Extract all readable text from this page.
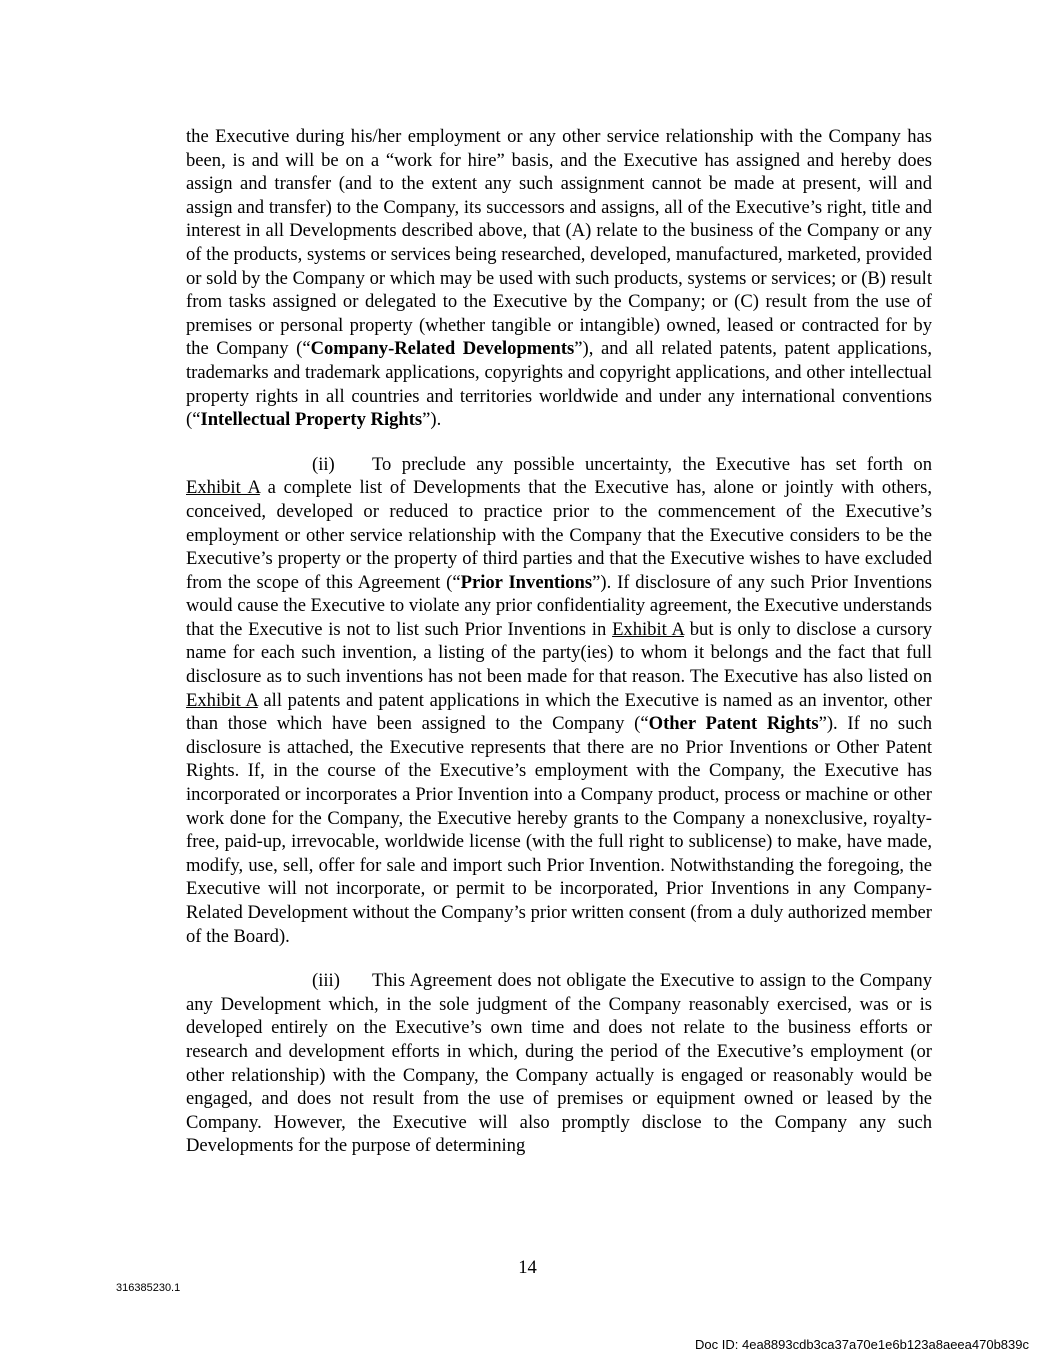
the Executive during his/her employment or any other service relationship with the Company has been, is and will be on a “work for hire” basis, and the Executive has assigned and hereby does assign and transfer (and to the extent any such assignment cannot be made at present, will and assign and transfer) to the Company, its successors and assigns, all of the Executive’s right, title and interest in all Developments described above, that (A) relate to the business of the Company or any of the products, systems or services being researched, developed, manufactured, marketed, provided or sold by the Company or which may be used with such products, systems or services; or (B) result from tasks assigned or delegated to the Executive by the Company; or (C) result from the use of premises or personal property (whether tangible or intangible) owned, leased or contracted for by the Company (“Company-Related Developments”), and all related patents, patent applications, trademarks and trademark applications, copyrights and copyright applications, and other intellectual property rights in all countries and territories worldwide and under any international conventions (“Intellectual Property Rights”).

(ii) To preclude any possible uncertainty, the Executive has set forth on Exhibit A a complete list of Developments that the Executive has, alone or jointly with others, conceived, developed or reduced to practice prior to the commencement of the Executive’s employment or other service relationship with the Company that the Executive considers to be the Executive’s property or the property of third parties and that the Executive wishes to have excluded from the scope of this Agreement (“Prior Inventions”). If disclosure of any such Prior Inventions would cause the Executive to violate any prior confidentiality agreement, the Executive understands that the Executive is not to list such Prior Inventions in Exhibit A but is only to disclose a cursory name for each such invention, a listing of the party(ies) to whom it belongs and the fact that full disclosure as to such inventions has not been made for that reason. The Executive has also listed on Exhibit A all patents and patent applications in which the Executive is named as an inventor, other than those which have been assigned to the Company (“Other Patent Rights”). If no such disclosure is attached, the Executive represents that there are no Prior Inventions or Other Patent Rights. If, in the course of the Executive’s employment with the Company, the Executive has incorporated or incorporates a Prior Invention into a Company product, process or machine or other work done for the Company, the Executive hereby grants to the Company a nonexclusive, royalty-free, paid-up, irrevocable, worldwide license (with the full right to sublicense) to make, have made, modify, use, sell, offer for sale and import such Prior Invention. Notwithstanding the foregoing, the Executive will not incorporate, or permit to be incorporated, Prior Inventions in any Company-Related Development without the Company’s prior written consent (from a duly authorized member of the Board).

(iii) This Agreement does not obligate the Executive to assign to the Company any Development which, in the sole judgment of the Company reasonably exercised, was or is developed entirely on the Executive’s own time and does not relate to the business efforts or research and development efforts in which, during the period of the Executive’s employment (or other relationship) with the Company, the Company actually is engaged or reasonably would be engaged, and does not result from the use of premises or equipment owned or leased by the Company. However, the Executive will also promptly disclose to the Company any such Developments for the purpose of determining

14
316385230.1
Doc ID: 4ea8893cdb3ca37a70e1e6b123a8aeea470b839c
